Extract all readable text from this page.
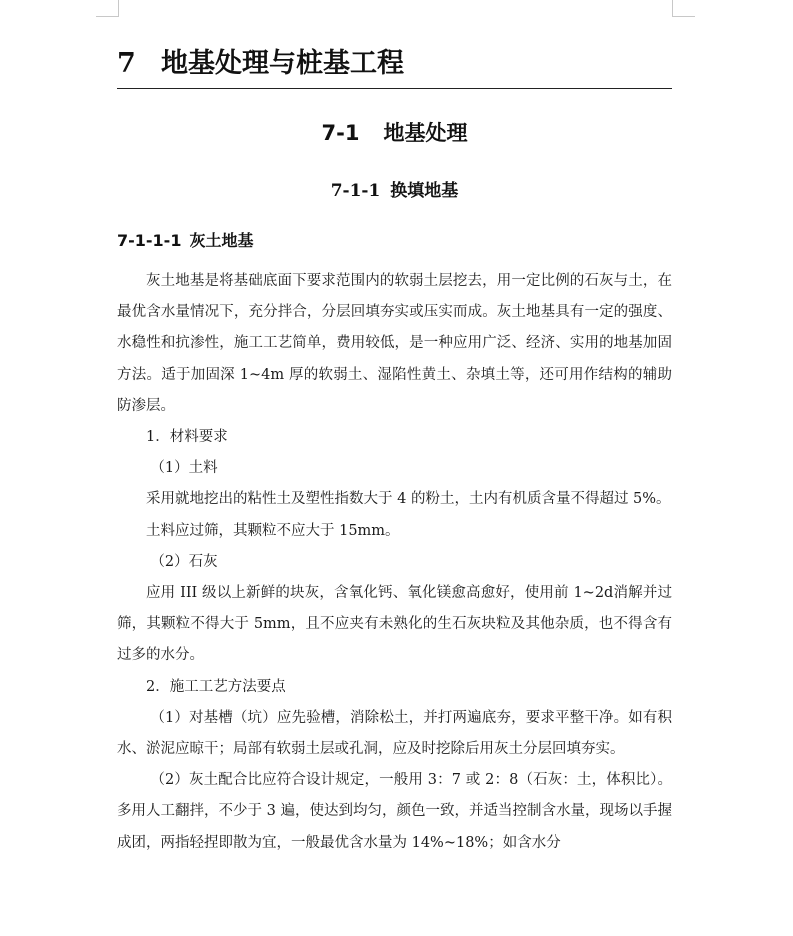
7 地基处理与桩基工程
7-1 地基处理
7-1-1 换填地基
7-1-1-1 灰土地基

灰土地基是将基础底面下要求范围内的软弱土层挖去，用一定比例的石灰与土，在最优含水量情况下，充分拌合，分层回填夯实或压实而成。灰土地基具有一定的强度、水稳性和抗渗性，施工工艺简单，费用较低，是一种应用广泛、经济、实用的地基加固方法。适于加固深 1~4m 厚的软弱土、湿陷性黄土、杂填土等，还可用作结构的辅助防渗层。

1．材料要求

（1）土料

采用就地挖出的粘性土及塑性指数大于 4 的粉土，土内有机质含量不得超过 5%。

土料应过筛，其颗粒不应大于 15mm。

（2）石灰

应用 III 级以上新鲜的块灰，含氧化钙、氧化镁愈高愈好，使用前 1~2d消解并过筛，其颗粒不得大于 5mm，且不应夹有未熟化的生石灰块粒及其他杂质，也不得含有过多的水分。

2．施工工艺方法要点

（1）对基槽（坑）应先验槽，消除松土，并打两遍底夯，要求平整干净。如有积水、淤泥应晾干；局部有软弱土层或孔洞，应及时挖除后用灰土分层回填夯实。

（2）灰土配合比应符合设计规定，一般用 3：7 或 2：8（石灰：土，体积比）。多用人工翻拌，不少于 3 遍，使达到均匀，颜色一致，并适当控制含水量，现场以手握成团，两指轻捏即散为宜，一般最优含水量为 14%~18%；如含水分
